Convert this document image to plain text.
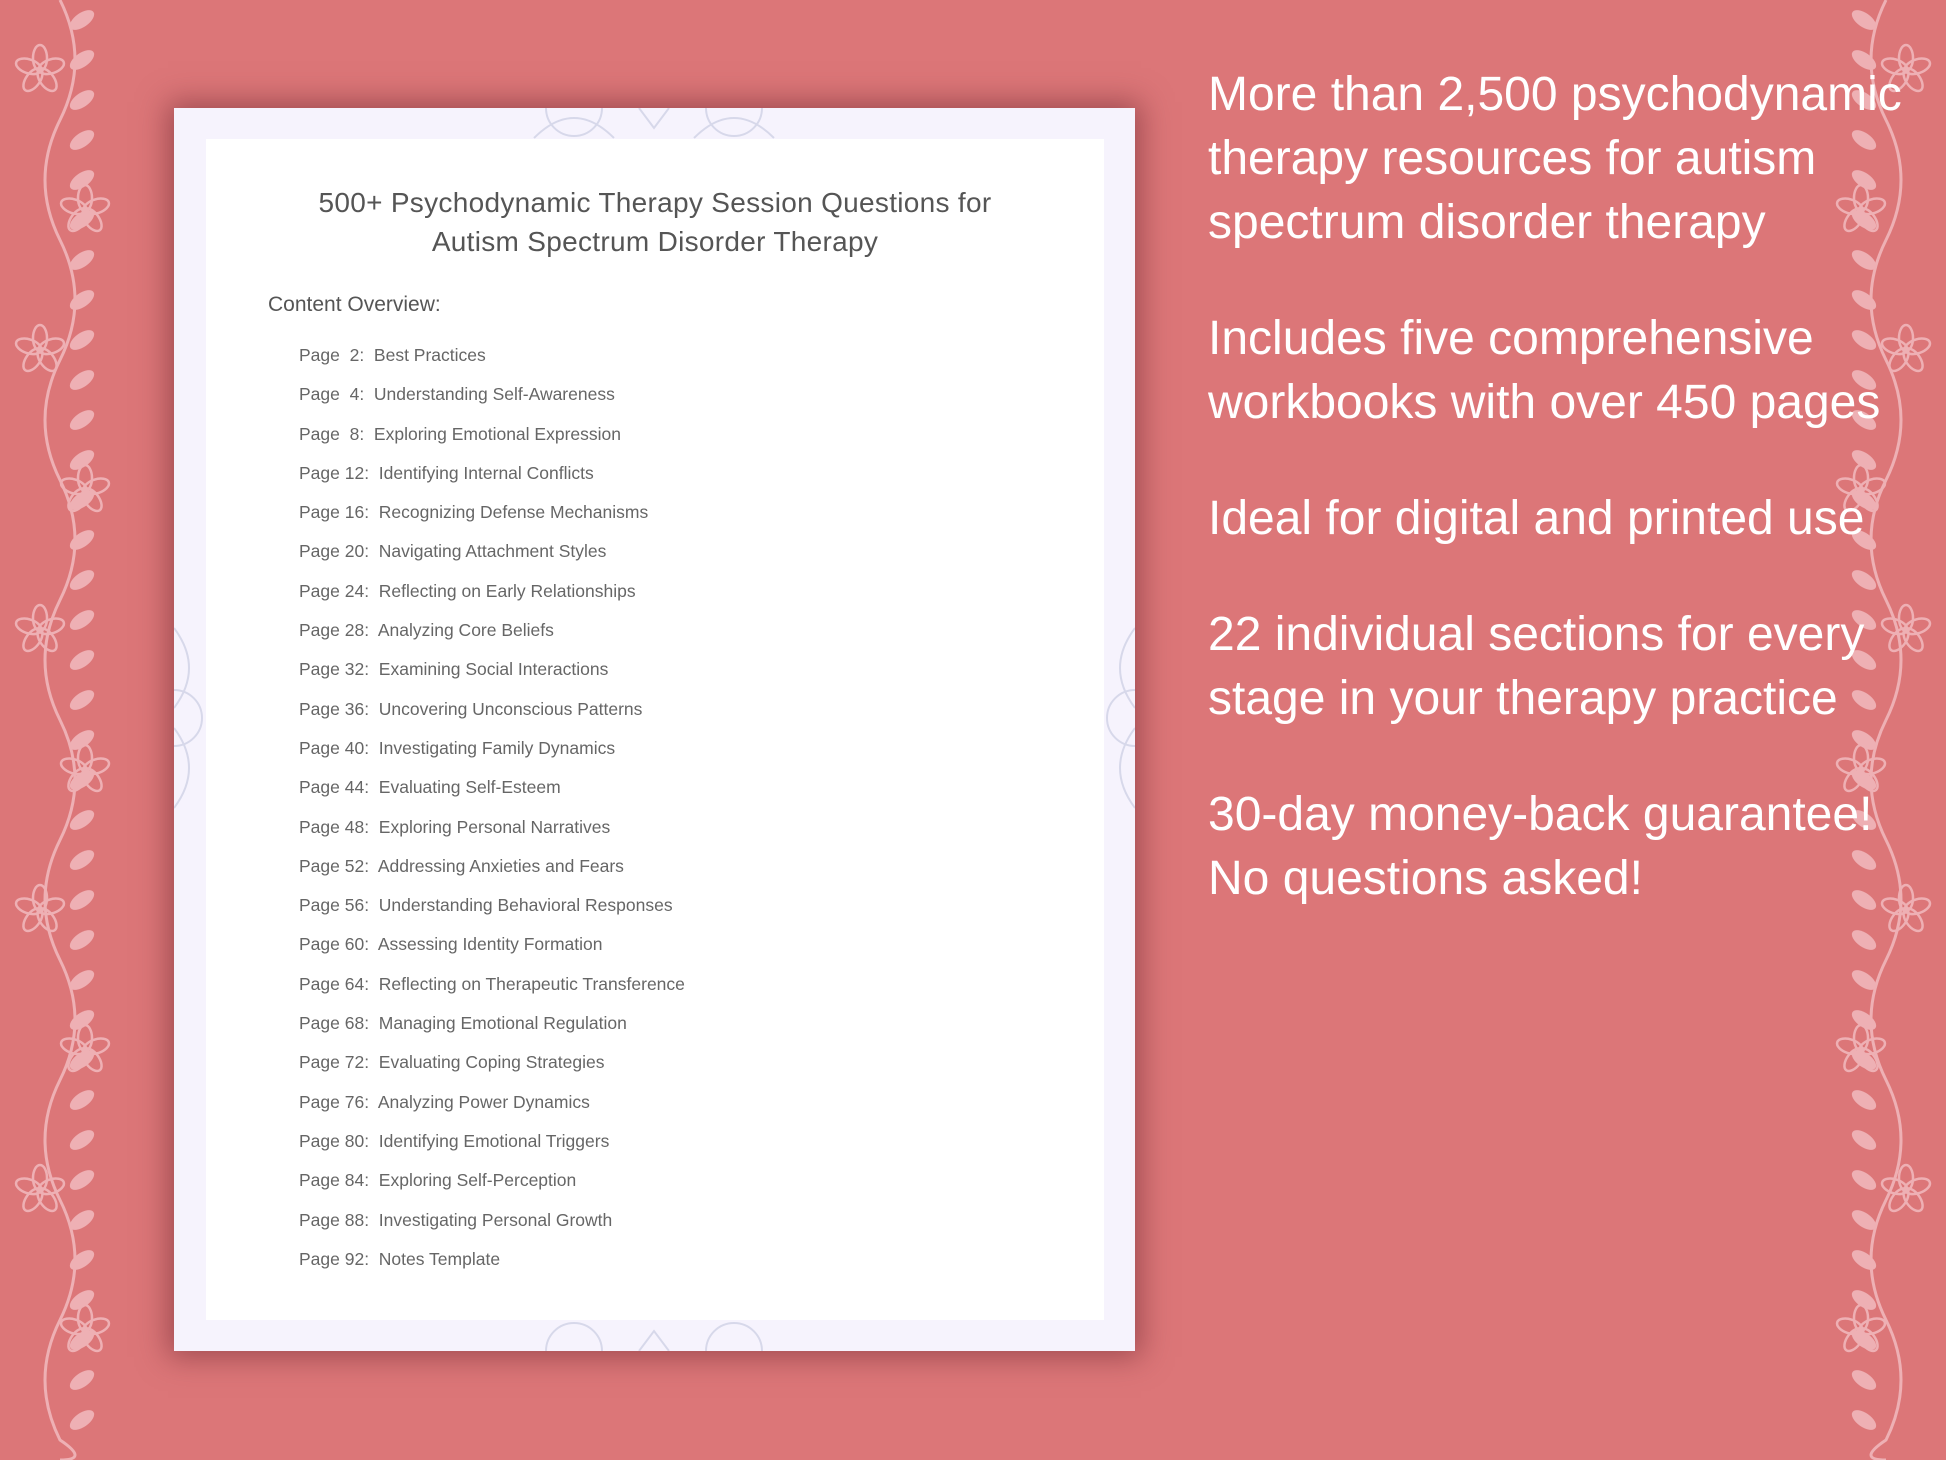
500+ Psychodynamic Therapy Session Questions for
Autism Spectrum Disorder Therapy
Content Overview:
Page  2:  Best Practices
Page  4:  Understanding Self-Awareness
Page  8:  Exploring Emotional Expression
Page 12:  Identifying Internal Conflicts
Page 16:  Recognizing Defense Mechanisms
Page 20:  Navigating Attachment Styles
Page 24:  Reflecting on Early Relationships
Page 28:  Analyzing Core Beliefs
Page 32:  Examining Social Interactions
Page 36:  Uncovering Unconscious Patterns
Page 40:  Investigating Family Dynamics
Page 44:  Evaluating Self-Esteem
Page 48:  Exploring Personal Narratives
Page 52:  Addressing Anxieties and Fears
Page 56:  Understanding Behavioral Responses
Page 60:  Assessing Identity Formation
Page 64:  Reflecting on Therapeutic Transference
Page 68:  Managing Emotional Regulation
Page 72:  Evaluating Coping Strategies
Page 76:  Analyzing Power Dynamics
Page 80:  Identifying Emotional Triggers
Page 84:  Exploring Self-Perception
Page 88:  Investigating Personal Growth
Page 92:  Notes Template
More than 2,500 psychodynamic therapy resources for autism spectrum disorder therapy
Includes five comprehensive workbooks with over 450 pages
Ideal for digital and printed use
22 individual sections for every stage in your therapy practice
30-day money-back guarantee! No questions asked!
